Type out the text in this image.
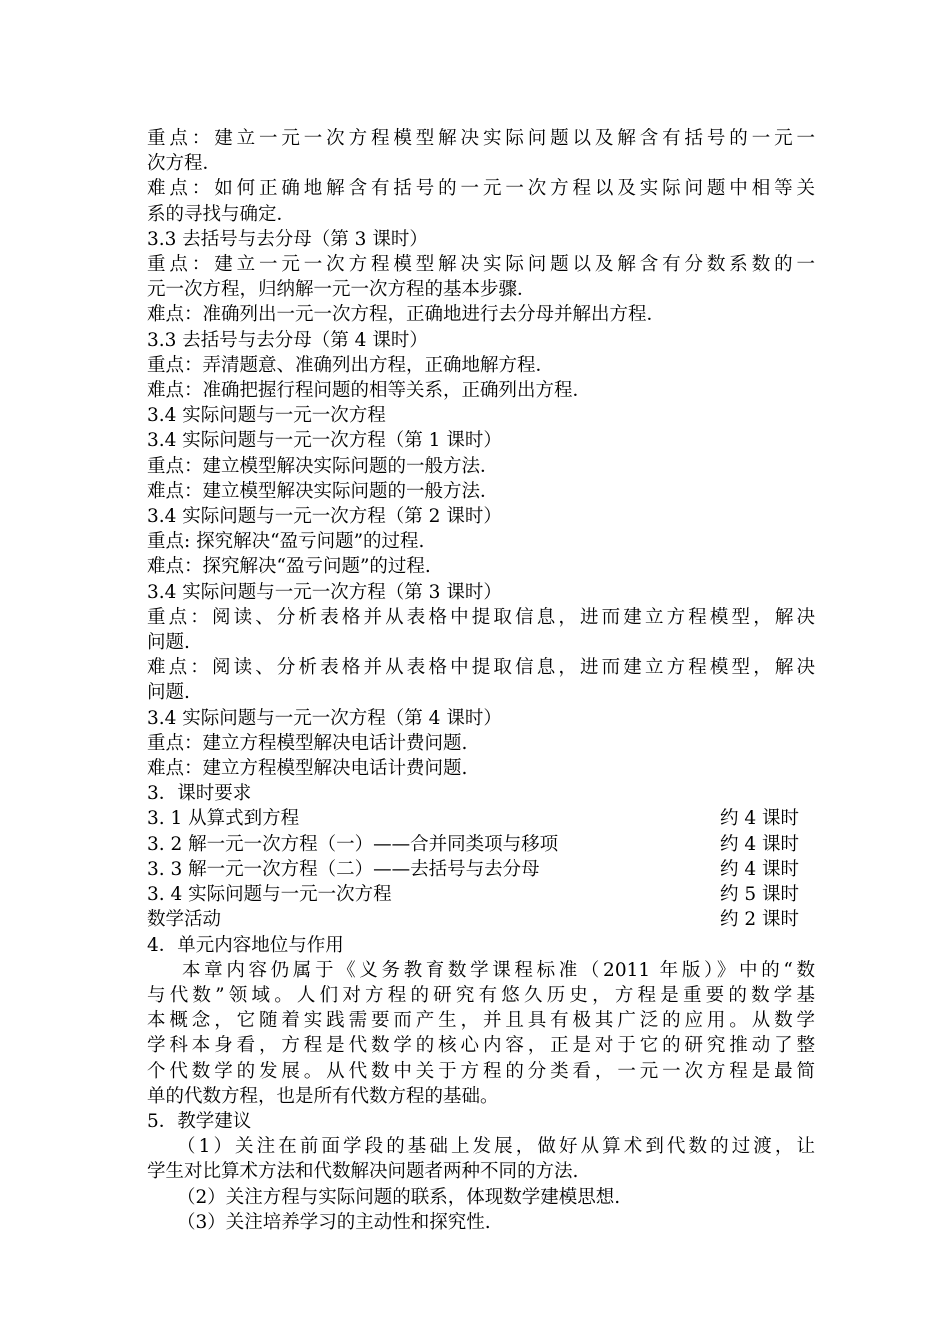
重点：建立一元一次方程模型解决实际问题以及解含有括号的一元一
次方程．
难点：如何正确地解含有括号的一元一次方程以及实际问题中相等关
系的寻找与确定．
3.3 去括号与去分母（第 3 课时）
重点：建立一元一次方程模型解决实际问题以及解含有分数系数的一
元一次方程，归纳解一元一次方程的基本步骤．
难点：准确列出一元一次方程，正确地进行去分母并解出方程．
3.3 去括号与去分母（第 4 课时）
重点：弄清题意、准确列出方程，正确地解方程．
难点：准确把握行程问题的相等关系，正确列出方程．
3.4 实际问题与一元一次方程
3.4 实际问题与一元一次方程（第 1 课时）
重点：建立模型解决实际问题的一般方法．
难点：建立模型解决实际问题的一般方法．
3.4 实际问题与一元一次方程（第 2 课时）
重点: 探究解决“盈亏问题”的过程.
难点：探究解决“盈亏问题”的过程.
3.4 实际问题与一元一次方程（第 3 课时）
重点：阅读、分析表格并从表格中提取信息，进而建立方程模型，解决
问题.
难点：阅读、分析表格并从表格中提取信息，进而建立方程模型，解决
问题.
3.4 实际问题与一元一次方程（第 4 课时）
重点：建立方程模型解决电话计费问题.
难点：建立方程模型解决电话计费问题.
3．课时要求
3. 1 从算式到方程	约 4 课时
3. 2 解一元一次方程（一）——合并同类项与移项	约 4 课时
3. 3 解一元一次方程（二）——去括号与去分母	约 4 课时
3. 4 实际问题与一元一次方程	约 5 课时
数学活动	约 2 课时
4．单元内容地位与作用
本章内容仍属于《义务教育数学课程标准（2011 年版）》中的“数
与代数”领域。人们对方程的研究有悠久历史，方程是重要的数学基
本概念，它随着实践需要而产生，并且具有极其广泛的应用。从数学
学科本身看，方程是代数学的核心内容，正是对于它的研究推动了整
个代数学的发展。从代数中关于方程的分类看，一元一次方程是最简
单的代数方程，也是所有代数方程的基础。
5．教学建议
（1）关注在前面学段的基础上发展，做好从算术到代数的过渡，让
学生对比算术方法和代数解决问题者两种不同的方法.
（2）关注方程与实际问题的联系，体现数学建模思想.
（3）关注培养学习的主动性和探究性.
